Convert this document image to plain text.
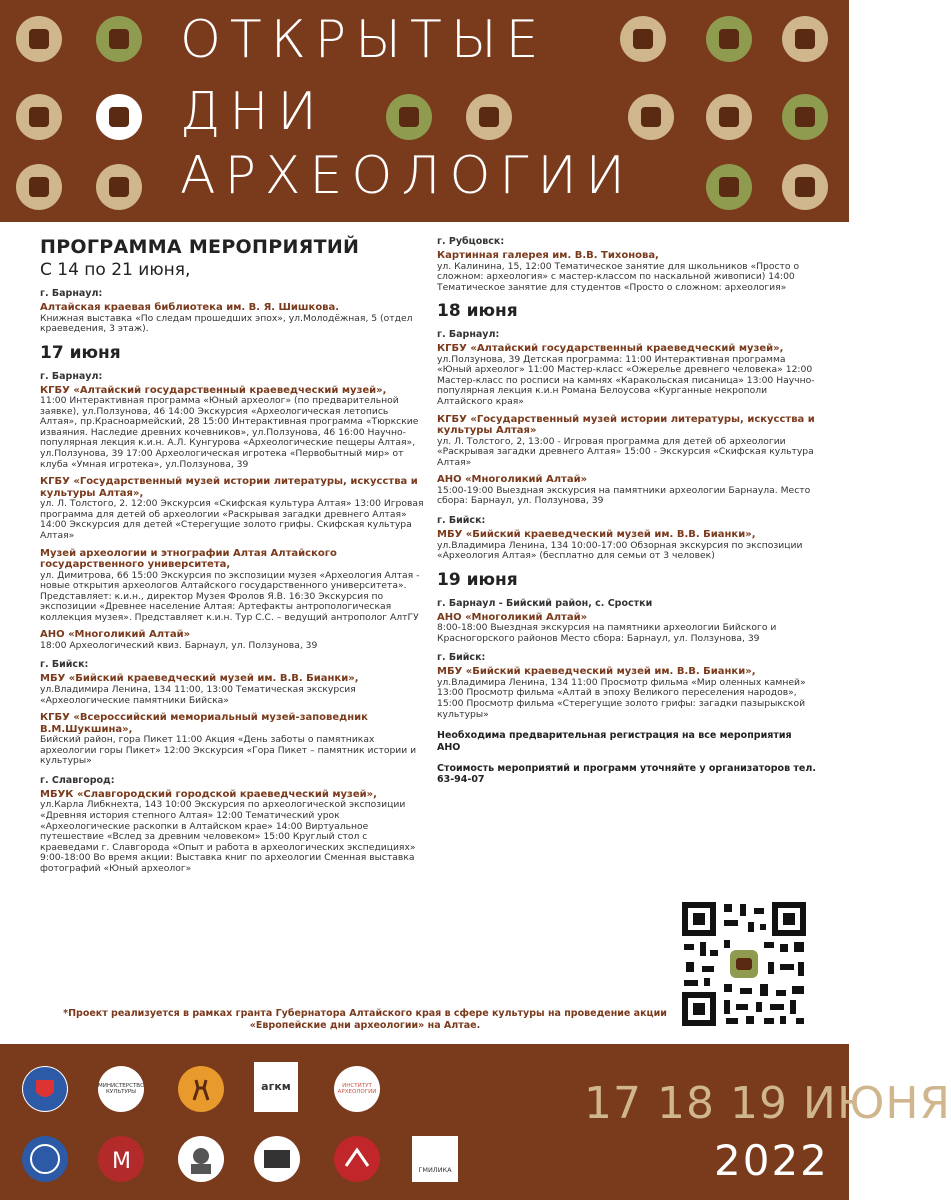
ОТКРЫТЫЕ
ДНИ
АРХЕОЛОГИИ
ПРОГРАММА МЕРОПРИЯТИЙ
С 14 по 21 июня,
г. Барнаул:
Алтайская краевая библиотека им. В. Я. Шишкова.
Книжная выставка «По следам прошедших эпох», ул.Молодёжная, 5 (отдел краеведения, 3 этаж).
17 июня
г. Барнаул:
КГБУ «Алтайский государственный краеведческий музей»,
11:00 Интерактивная программа «Юный археолог» (по предварительной заявке), ул.Ползунова, 46 14:00 Экскурсия «Археологическая летопись Алтая», пр.Красноармейский, 28 15:00 Интерактивная программа «Тюркские изваяния. Наследие древних кочевников», ул.Ползунова, 46 16:00 Научно-популярная лекция к.и.н. А.Л. Кунгурова «Археологические пещеры Алтая», ул.Ползунова, 39 17:00 Археологическая игротека «Первобытный мир» от клуба «Умная игротека», ул.Ползунова, 39
КГБУ «Государственный музей истории литературы, искусства и культуры Алтая»,
ул. Л. Толстого, 2. 12:00 Экскурсия «Скифская культура Алтая» 13:00 Игровая программа для детей об археологии «Раскрывая загадки древнего Алтая» 14:00 Экскурсия для детей «Стерегущие золото грифы. Скифская культура Алтая»
Музей археологии и этнографии Алтая Алтайского государственного университета,
ул. Димитрова, 66 15:00 Экскурсия по экспозиции музея «Археология Алтая - новые открытия археологов Алтайского государственного университета». Представляет: к.и.н., директор Музея Фролов Я.В. 16:30 Экскурсия по экспозиции «Древнее население Алтая: Артефакты антропологическая коллекция музея». Представляет к.и.н. Тур С.С. – ведущий антрополог АлтГУ
АНО «Многоликий Алтай»
18:00 Археологический квиз. Барнаул, ул. Ползунова, 39
г. Бийск:
МБУ «Бийский краеведческий музей им. В.В. Бианки»,
ул.Владимира Ленина, 134 11:00, 13:00 Тематическая экскурсия «Археологические памятники Бийска»
КГБУ «Всероссийский мемориальный музей-заповедник В.М.Шукшина»,
Бийский район, гора Пикет 11:00 Акция «День заботы о памятниках археологии горы Пикет» 12:00 Экскурсия «Гора Пикет – памятник истории и культуры»
г. Славгород:
МБУК «Славгородский городской краеведческий музей»,
ул.Карла Либкнехта, 143 10:00 Экскурсия по археологической экспозиции «Древняя история степного Алтая» 12:00 Тематический урок «Археологические раскопки в Алтайском крае» 14:00 Виртуальное путешествие «Вслед за древним человеком» 15:00 Круглый стол с краеведами г. Славгорода «Опыт и работа в археологических экспедициях» 9:00-18:00 Во время акции: Выставка книг по археологии Сменная выставка фотографий «Юный археолог»
г. Рубцовск:
Картинная галерея им. В.В. Тихонова,
ул. Калинина, 15, 12:00 Тематическое занятие для школьников «Просто о сложном: археология» с мастер-классом по наскальной живописи) 14:00 Тематическое занятие для студентов «Просто о сложном: археология»
18 июня
г. Барнаул:
КГБУ «Алтайский государственный краеведческий музей»,
ул.Ползунова, 39 Детская программа: 11:00 Интерактивная программа «Юный археолог» 11:00 Мастер-класс «Ожерелье древнего человека» 12:00 Мастер-класс по росписи на камнях «Каракольская писаница» 13:00 Научно-популярная лекция к.и.н Романа Белоусова «Курганные некрополи Алтайского края»
КГБУ «Государственный музей истории литературы, искусства и культуры Алтая»
ул. Л. Толстого, 2, 13:00 - Игровая программа для детей об археологии «Раскрывая загадки древнего Алтая» 15:00 - Экскурсия «Скифская культура Алтая»
АНО «Многоликий Алтай»
15:00-19:00 Выездная экскурсия на памятники археологии Барнаула. Место сбора: Барнаул, ул. Ползунова, 39
г. Бийск:
МБУ «Бийский краеведческий музей им. В.В. Бианки»,
ул.Владимира Ленина, 134 10:00-17:00 Обзорная экскурсия по экспозиции «Археология Алтая» (бесплатно для семьи от 3 человек)
19 июня
г. Барнаул - Бийский район, с. Сростки
АНО «Многоликий Алтай»
8:00-18:00 Выездная экскурсия на памятники археологии Бийского и Красногорского районов Место сбора: Барнаул, ул. Ползунова, 39
г. Бийск:
МБУ «Бийский краеведческий музей им. В.В. Бианки»,
ул.Владимира Ленина, 134 11:00 Просмотр фильма «Мир оленных камней» 13:00 Просмотр фильма «Алтай в эпоху Великого переселения народов», 15:00 Просмотр фильма «Стерегущие золото грифы: загадки пазырыкской культуры»
Необходима предварительная регистрация на все мероприятия АНО
Стоимость мероприятий и программ уточняйте у организаторов тел. 63-94-07
*Проект реализуется в рамках гранта Губернатора Алтайского края в сфере культуры на проведение акции «Европейские дни археологии» на Алтае.
МИНИСТЕРСТВО КУЛЬТУРЫ	агкм	ИНСТИТУТ АРХЕОЛОГИИ
M	ГМИЛИКА
17 18 19 ИЮНЯ
2022
